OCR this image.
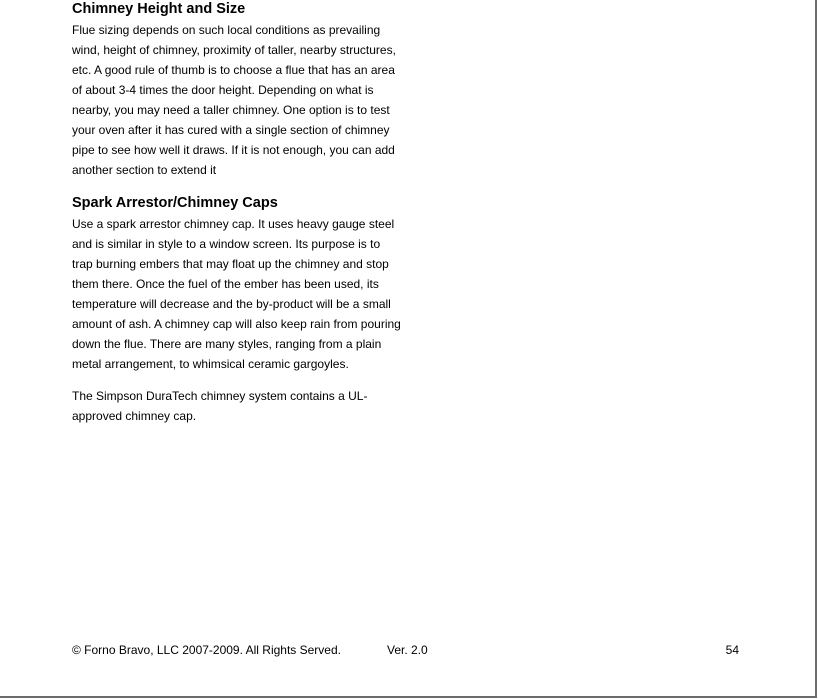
Chimney Height and Size

Flue sizing depends on such local conditions as prevailing wind, height of chimney, proximity of taller, nearby structures, etc. A good rule of thumb is to choose a flue that has an area of about 3-4 times the door height. Depending on what is nearby, you may need a taller chimney. One option is to test your oven after it has cured with a single section of chimney pipe to see how well it draws. If it is not enough, you can add another section to extend it

Spark Arrestor/Chimney Caps

Use a spark arrestor chimney cap. It uses heavy gauge steel and is similar in style to a window screen. Its purpose is to trap burning embers that may float up the chimney and stop them there. Once the fuel of the ember has been used, its temperature will decrease and the by-product will be a small amount of ash. A chimney cap will also keep rain from pouring down the flue. There are many styles, ranging from a plain metal arrangement, to whimsical ceramic gargoyles.

The Simpson DuraTech chimney system contains a UL-approved chimney cap.

© Forno Bravo, LLC 2007-2009. All Rights Served.	Ver. 2.0	54
